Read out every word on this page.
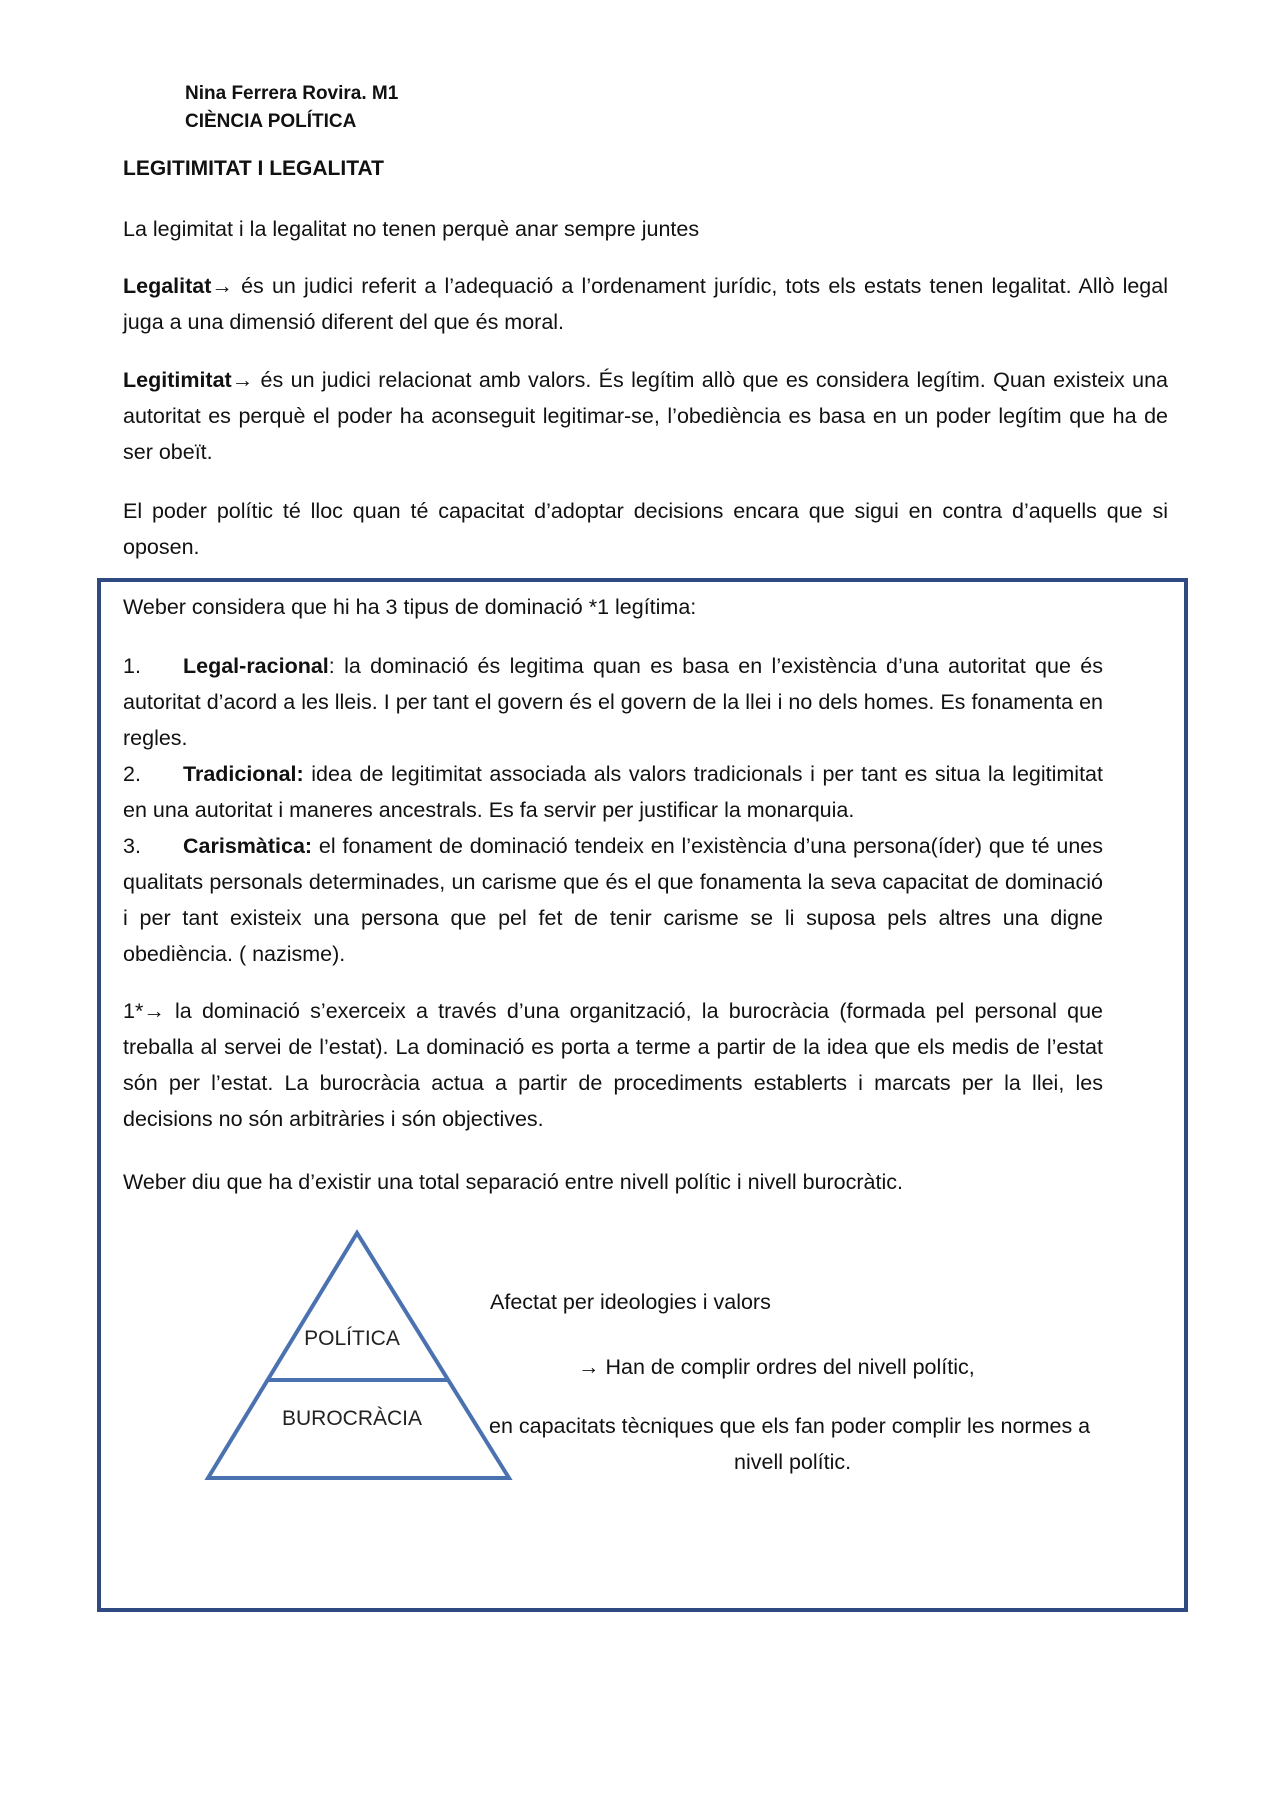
Nina Ferrera Rovira. M1
CIÈNCIA POLÍTICA
LEGITIMITAT I LEGALITAT

La legimitat i la legalitat no tenen perquè anar sempre juntes

Legalitat→ és un judici referit a l’adequació a l’ordenament jurídic, tots els estats tenen legalitat. Allò legal juga a una dimensió diferent del que és moral.

Legitimitat→ és un judici relacionat amb valors. És legítim allò que es considera legítim. Quan existeix una autoritat es perquè el poder ha aconseguit legitimar-se, l’obediència es basa en un poder legítim que ha de ser obeït.

El poder polític té lloc quan té capacitat d’adoptar decisions encara que sigui en contra d’aquells que si oposen.

Weber considera que hi ha 3 tipus de dominació *1 legítima:

1. Legal-racional: la dominació és legitima quan es basa en l’existència d’una autoritat que és autoritat d’acord a les lleis. I per tant el govern és el govern de la llei i no dels homes. Es fonamenta en regles.

2. Tradicional: idea de legitimitat associada als valors tradicionals i per tant es situa la legitimitat en una autoritat i maneres ancestrals. Es fa servir per justificar la monarquia.

3. Carismàtica: el fonament de dominació tendeix en l’existència d’una persona(íder) que té unes qualitats personals determinades, un carisme que és el que fonamenta la seva capacitat de dominació i per tant existeix una persona que pel fet de tenir carisme se li suposa pels altres una digne obediència. ( nazisme).

1*→ la dominació s’exerceix a través d’una organització, la burocràcia (formada pel personal que treballa al servei de l’estat). La dominació es porta a terme a partir de la idea que els medis de l’estat són per l’estat. La burocràcia actua a partir de procediments establerts i marcats per la llei, les decisions no són arbitràries i són objectives.

Weber diu que ha d’existir una total separació entre nivell polític i nivell burocràtic.

POLÍTICA
BUROCRÀCIA
Afectat per ideologies i valors
→ Han de complir ordres del nivell polític,
en capacitats tècniques que els fan poder complir les normes a
nivell polític.
